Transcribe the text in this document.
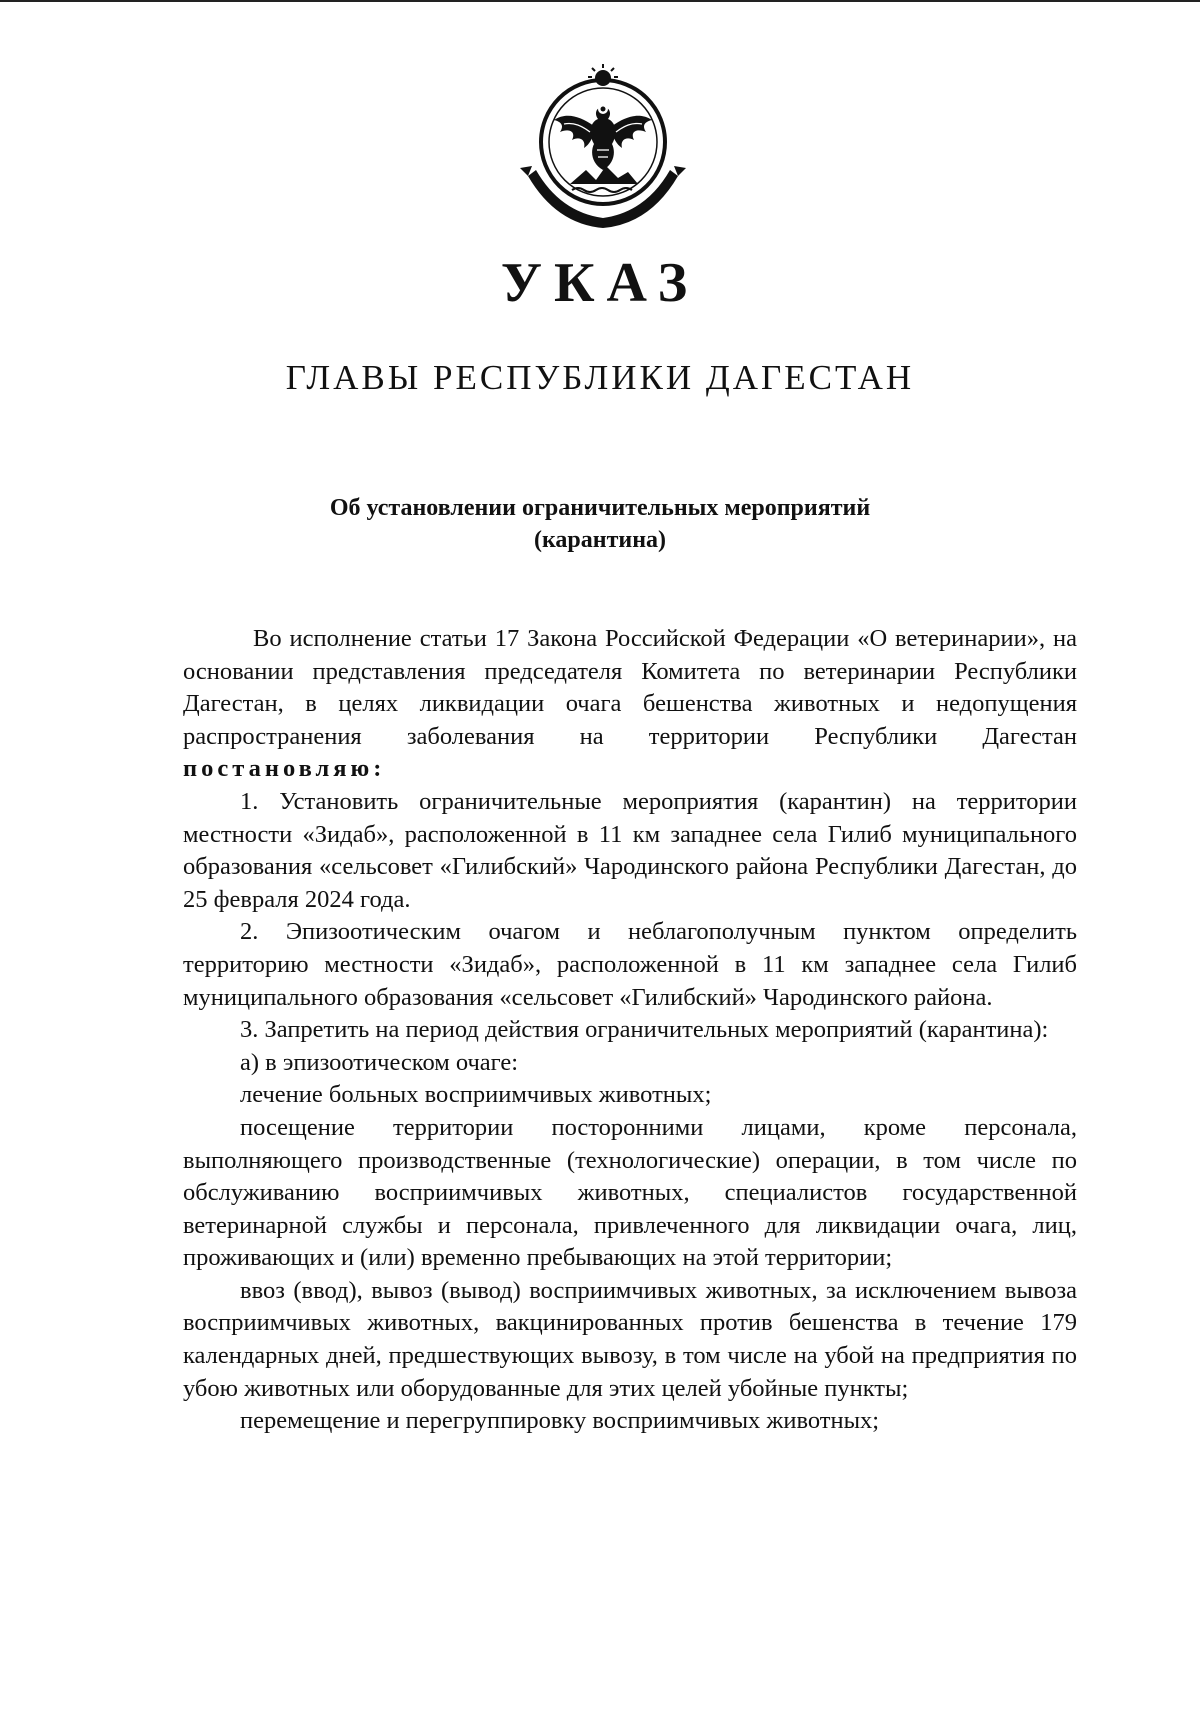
УКАЗ
ГЛАВЫ РЕСПУБЛИКИ ДАГЕСТАН
Об установлении ограничительных мероприятий
(карантина)

Во исполнение статьи 17 Закона Российской Федерации «О ветеринарии», на основании представления председателя Комитета по ветеринарии Республики Дагестан, в целях ликвидации очага бешенства животных и недопущения распространения заболевания на территории Республики Дагестан постановляю:

1. Установить ограничительные мероприятия (карантин) на территории местности «Зидаб», расположенной в 11 км западнее села Гилиб муниципального образования «сельсовет «Гилибский» Чародинского района Республики Дагестан, до 25 февраля 2024 года.

2. Эпизоотическим очагом и неблагополучным пунктом определить территорию местности «Зидаб», расположенной в 11 км западнее села Гилиб муниципального образования «сельсовет «Гилибский» Чародинского района.

3. Запретить на период действия ограничительных мероприятий (карантина):

а) в эпизоотическом очаге:

лечение больных восприимчивых животных;

посещение территории посторонними лицами, кроме персонала, выполняющего производственные (технологические) операции, в том числе по обслуживанию восприимчивых животных, специалистов государственной ветеринарной службы и персонала, привлеченного для ликвидации очага, лиц, проживающих и (или) временно пребывающих на этой территории;

ввоз (ввод), вывоз (вывод) восприимчивых животных, за исключением вывоза восприимчивых животных, вакцинированных против бешенства в течение 179 календарных дней, предшествующих вывозу, в том числе на убой на предприятия по убою животных или оборудованные для этих целей убойные пункты;

перемещение и перегруппировку восприимчивых животных;
